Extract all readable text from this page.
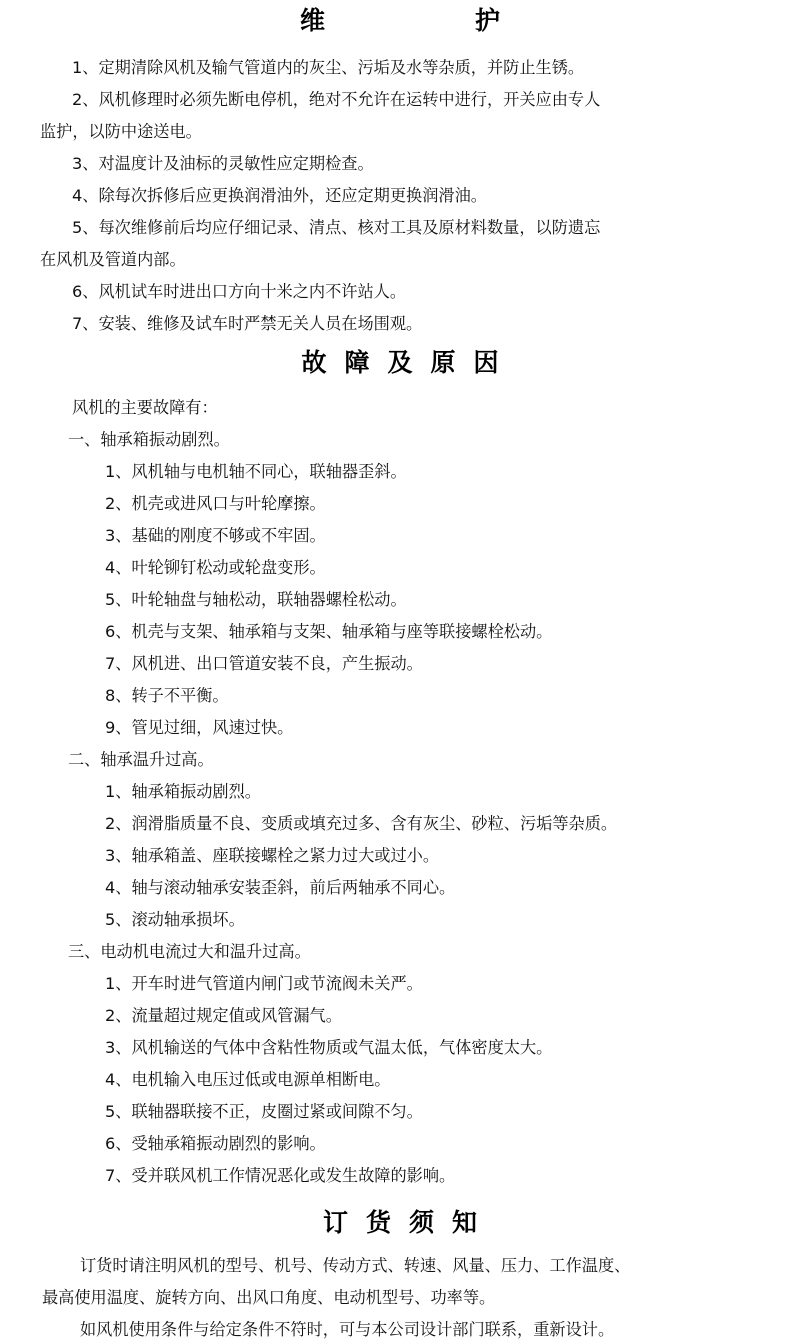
维护
1、定期清除风机及输气管道内的灰尘、污垢及水等杂质，并防止生锈。
2、风机修理时必须先断电停机，绝对不允许在运转中进行，开关应由专人
监护，以防中途送电。
3、对温度计及油标的灵敏性应定期检查。
4、除每次拆修后应更换润滑油外，还应定期更换润滑油。
5、每次维修前后均应仔细记录、清点、核对工具及原材料数量，以防遗忘
在风机及管道内部。
6、风机试车时进出口方向十米之内不许站人。
7、安装、维修及试车时严禁无关人员在场围观。
故障及原因
风机的主要故障有：
一、轴承箱振动剧烈。
1、风机轴与电机轴不同心，联轴器歪斜。
2、机壳或进风口与叶轮摩擦。
3、基础的刚度不够或不牢固。
4、叶轮铆钉松动或轮盘变形。
5、叶轮轴盘与轴松动，联轴器螺栓松动。
6、机壳与支架、轴承箱与支架、轴承箱与座等联接螺栓松动。
7、风机进、出口管道安装不良，产生振动。
8、转子不平衡。
9、管见过细，风速过快。
二、轴承温升过高。
1、轴承箱振动剧烈。
2、润滑脂质量不良、变质或填充过多、含有灰尘、砂粒、污垢等杂质。
3、轴承箱盖、座联接螺栓之紧力过大或过小。
4、轴与滚动轴承安装歪斜，前后两轴承不同心。
5、滚动轴承损坏。
三、电动机电流过大和温升过高。
1、开车时进气管道内闸门或节流阀未关严。
2、流量超过规定值或风管漏气。
3、风机输送的气体中含粘性物质或气温太低，气体密度太大。
4、电机输入电压过低或电源单相断电。
5、联轴器联接不正，皮圈过紧或间隙不匀。
6、受轴承箱振动剧烈的影响。
7、受并联风机工作情况恶化或发生故障的影响。
订货须知
订货时请注明风机的型号、机号、传动方式、转速、风量、压力、工作温度、
最高使用温度、旋转方向、出风口角度、电动机型号、功率等。
如风机使用条件与给定条件不符时，可与本公司设计部门联系，重新设计。
